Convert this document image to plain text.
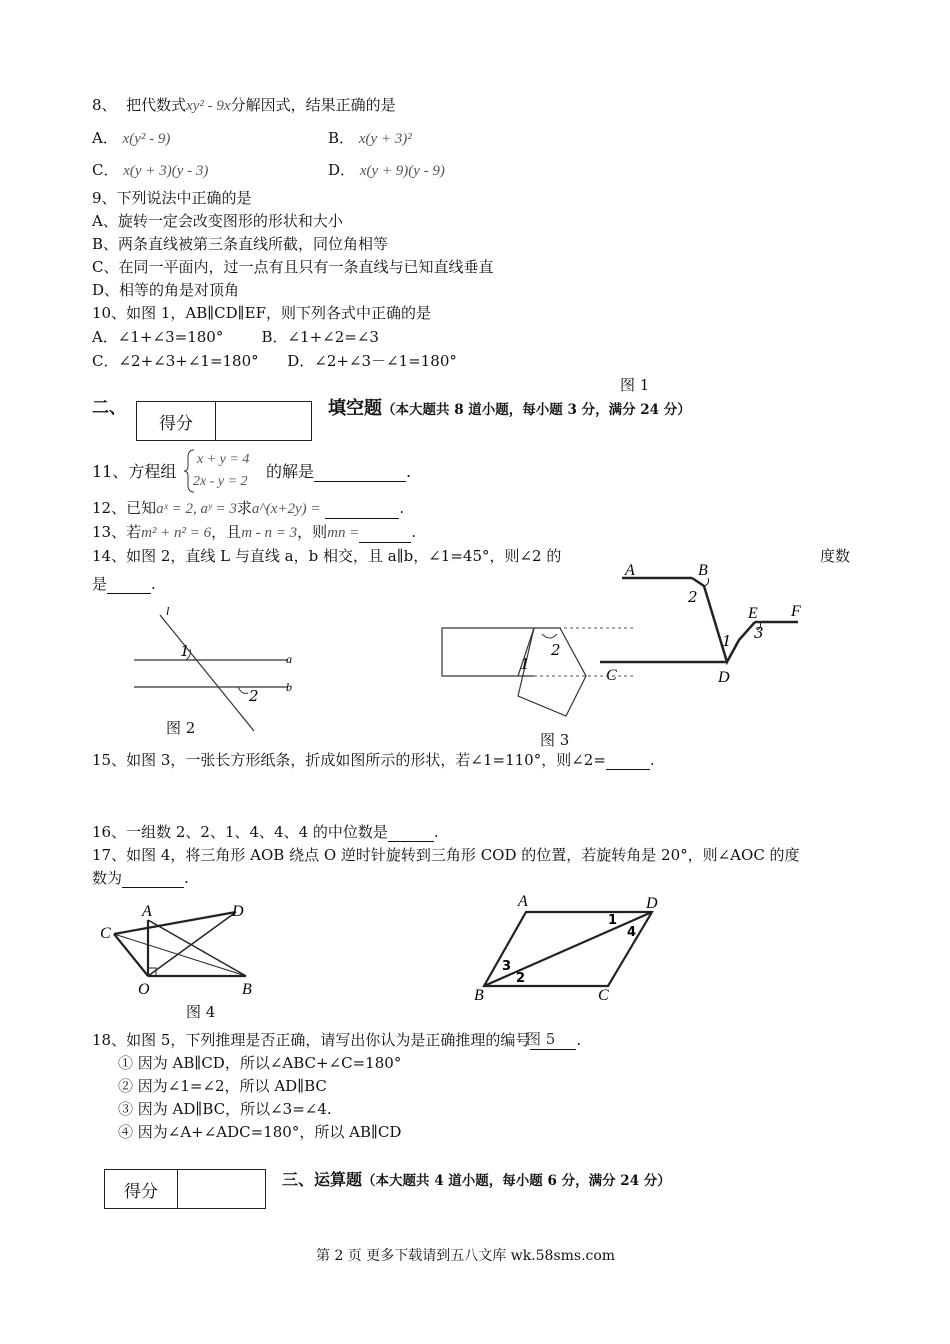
8、 把代数式xy² - 9x分解因式，结果正确的是
A． x(y² - 9)	B． x(y + 3)²
C． x(y + 3)(y - 3)	D． x(y + 9)(y - 9)
9、下列说法中正确的是
A、旋转一定会改变图形的形状和大小
B、两条直线被第三条直线所截，同位角相等
C、在同一平面内，过一点有且只有一条直线与已知直线垂直
D、相等的角是对顶角
10、如图 1，AB∥CD∥EF，则下列各式中正确的是
A．∠1+∠3=180°        B．∠1+∠2=∠3
C．∠2+∠3+∠1=180°      D．∠2+∠3－∠1=180°
图 1
二、
得分
填空题（本大题共 8 道小题，每小题 3 分，满分 24 分）
11、方程组
x + y = 4
2x - y = 2
的解是	.
12、已知aˣ = 2, aʸ = 3求a^(x+2y) =	.
13、若m² + n² = 6，且m - n = 3，则mn =	.
14、如图 2，直线 L 与直线 a，b 相交，且 a∥b，∠1=45°，则∠2 的	度数
是	.
A	B
C	D
E F
2
1 3
l
a
b
1
2
图 2
2
1
图 3
15、如图 3，一张长方形纸条，折成如图所示的形状，若∠1=110°，则∠2=	.
16、一组数 2、2、1、4、4、4 的中位数是	.
17、如图 4，将三角形 AOB 绕点 O 逆时针旋转到三角形 COD 的位置，若旋转角是 20°，则∠AOC 的度
数为	.
A	D
C
O	B
图 4
A	D
B	C
1
4
3
2
图 5
18、如图 5，下列推理是否正确，请写出你认为是正确推理的编号	.
① 因为 AB∥CD，所以∠ABC+∠C=180°
② 因为∠1=∠2，所以 AD∥BC
③ 因为 AD∥BC，所以∠3=∠4.
④ 因为∠A+∠ADC=180°，所以 AB∥CD
得分
三、运算题（本大题共 4 道小题，每小题 6 分，满分 24 分）
第 2 页 更多下载请到五八文库 wk.58sms.com
